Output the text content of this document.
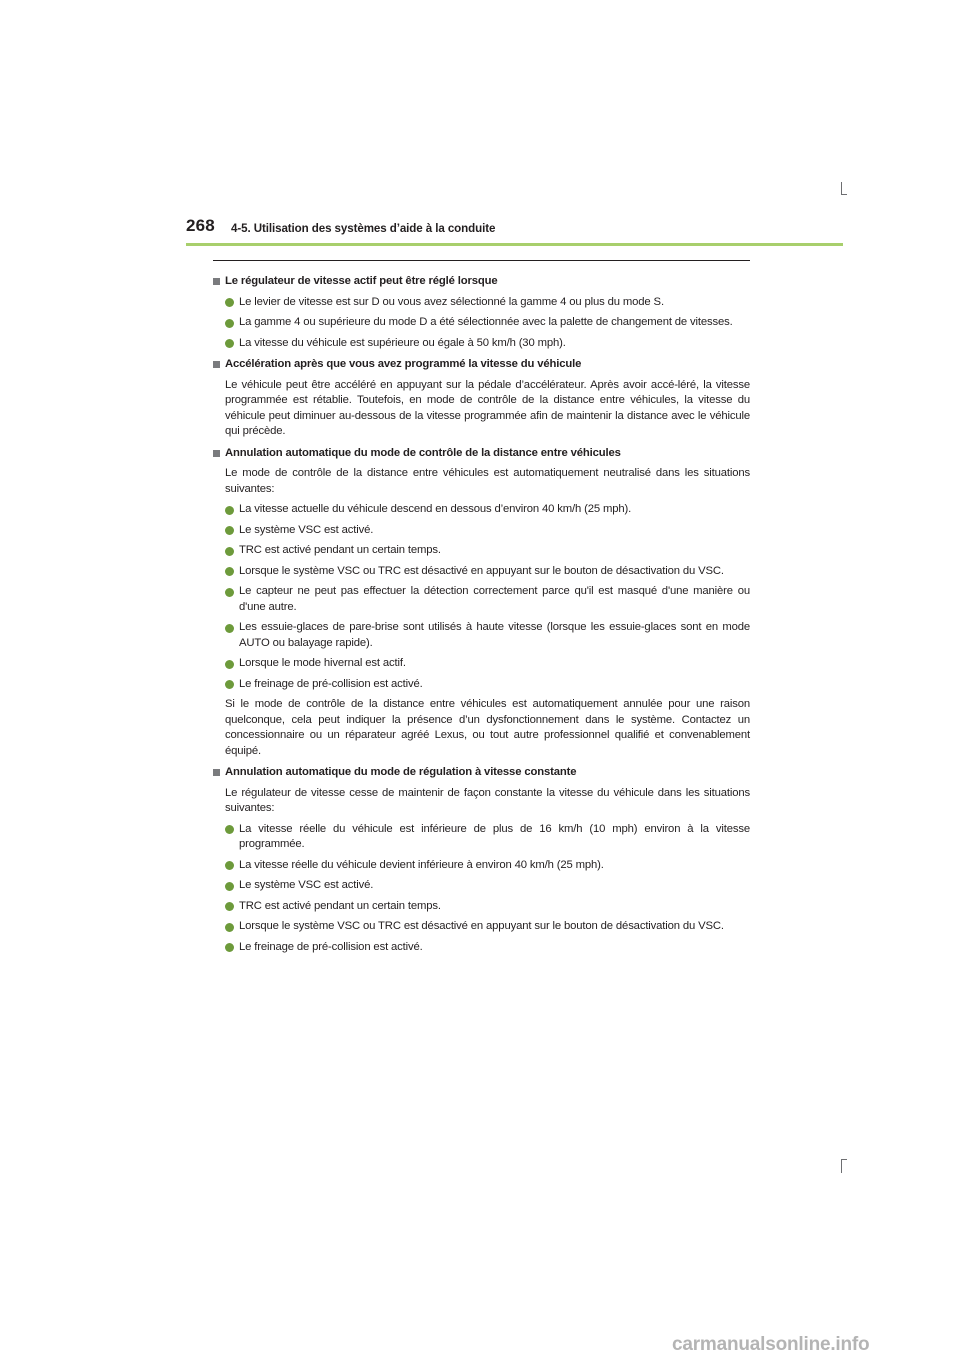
268 4-5. Utilisation des systèmes d’aide à la conduite
Le régulateur de vitesse actif peut être réglé lorsque
Le levier de vitesse est sur D ou vous avez sélectionné la gamme 4 ou plus du mode S.
La gamme 4 ou supérieure du mode D a été sélectionnée avec la palette de changement de vitesses.
La vitesse du véhicule est supérieure ou égale à 50 km/h (30 mph).
Accélération après que vous avez programmé la vitesse du véhicule
Le véhicule peut être accéléré en appuyant sur la pédale d’accélérateur. Après avoir accé-léré, la vitesse programmée est rétablie. Toutefois, en mode de contrôle de la distance entre véhicules, la vitesse du véhicule peut diminuer au-dessous de la vitesse programmée afin de maintenir la distance avec le véhicule qui précède.
Annulation automatique du mode de contrôle de la distance entre véhicules
Le mode de contrôle de la distance entre véhicules est automatiquement neutralisé dans les situations suivantes:
La vitesse actuelle du véhicule descend en dessous d’environ 40 km/h (25 mph).
Le système VSC est activé.
TRC est activé pendant un certain temps.
Lorsque le système VSC ou TRC est désactivé en appuyant sur le bouton de désactivation du VSC.
Le capteur ne peut pas effectuer la détection correctement parce qu'il est masqué d'une manière ou d'une autre.
Les essuie-glaces de pare-brise sont utilisés à haute vitesse (lorsque les essuie-glaces sont en mode AUTO ou balayage rapide).
Lorsque le mode hivernal est actif.
Le freinage de pré-collision est activé.
Si le mode de contrôle de la distance entre véhicules est automatiquement annulée pour une raison quelconque, cela peut indiquer la présence d’un dysfonctionnement dans le système. Contactez un concessionnaire ou un réparateur agréé Lexus, ou tout autre professionnel qualifié et convenablement équipé.
Annulation automatique du mode de régulation à vitesse constante
Le régulateur de vitesse cesse de maintenir de façon constante la vitesse du véhicule dans les situations suivantes:
La vitesse réelle du véhicule est inférieure de plus de 16 km/h (10 mph) environ à la vitesse programmée.
La vitesse réelle du véhicule devient inférieure à environ 40 km/h (25 mph).
Le système VSC est activé.
TRC est activé pendant un certain temps.
Lorsque le système VSC ou TRC est désactivé en appuyant sur le bouton de désactivation du VSC.
Le freinage de pré-collision est activé.
carmanualsonline.info
